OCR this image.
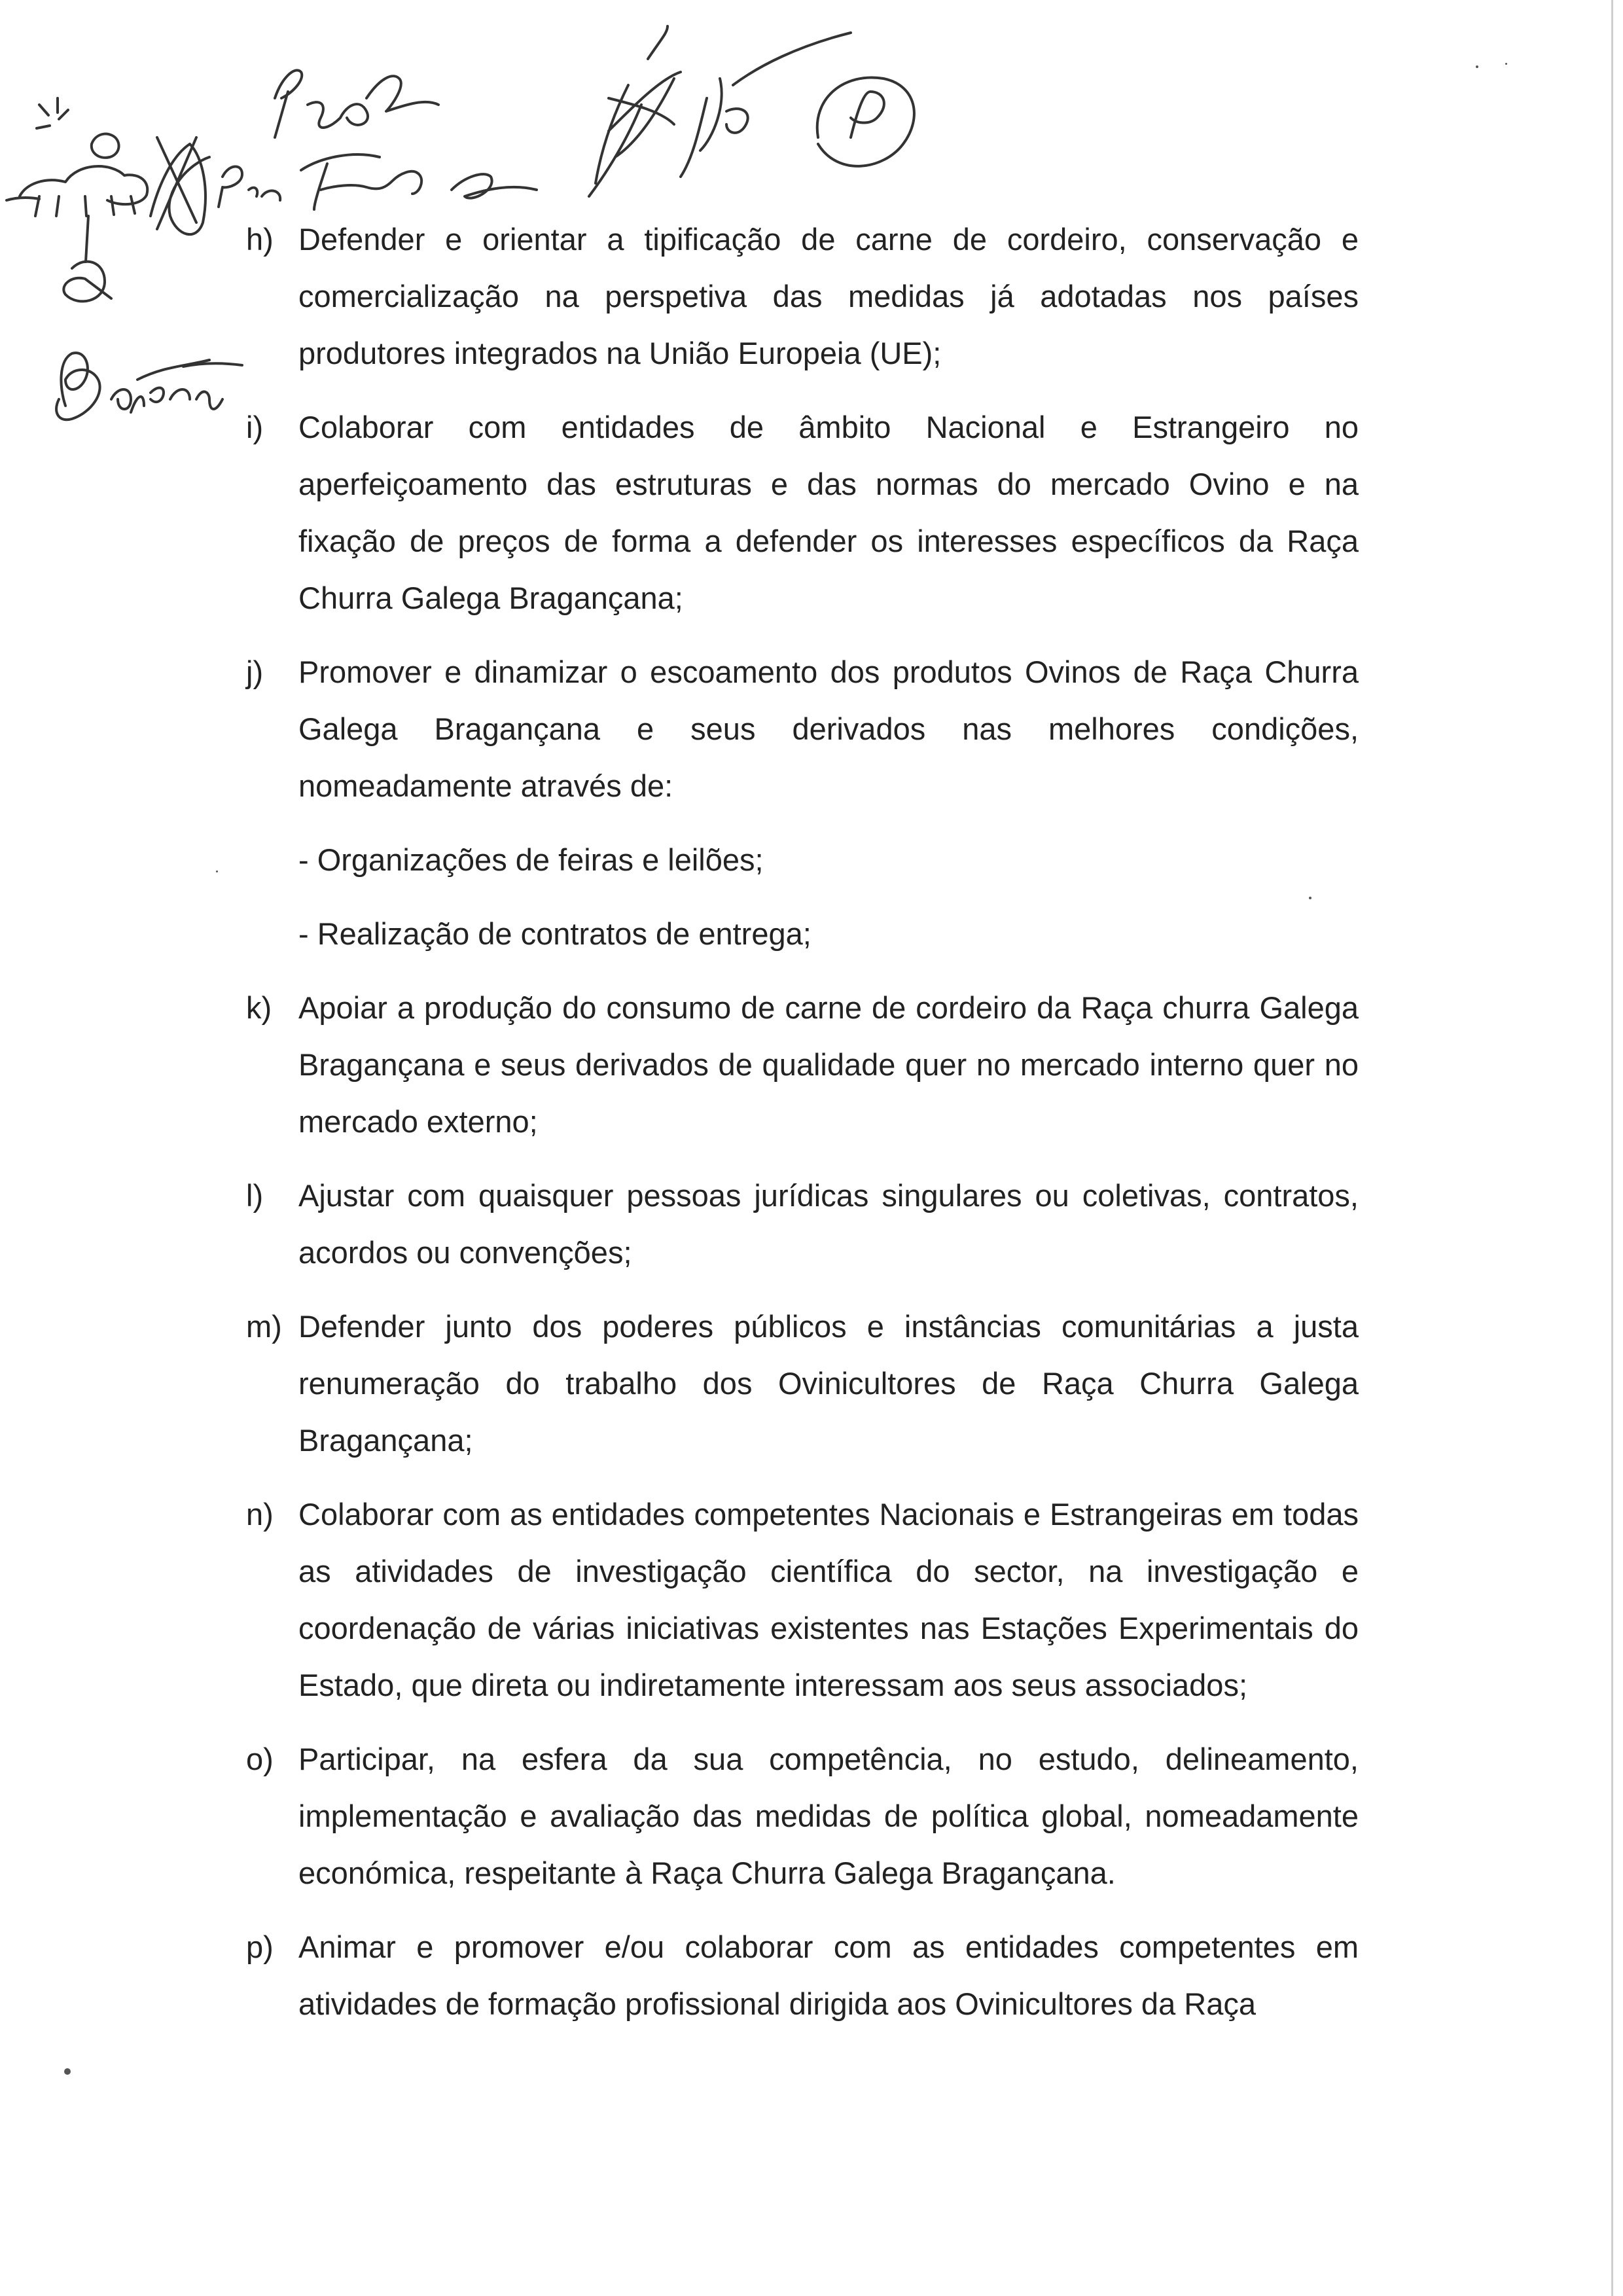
h) Defender e orientar a tipificação de carne de cordeiro, conservação e comercialização na perspetiva das medidas já adotadas nos países produtores integrados na União Europeia (UE);
i) Colaborar com entidades de âmbito Nacional e Estrangeiro no aperfeiçoamento das estruturas e das normas do mercado Ovino e na fixação de preços de forma a defender os interesses específicos da Raça Churra Galega Bragançana;
j) Promover e dinamizar o escoamento dos produtos Ovinos de Raça Churra Galega Bragançana e seus derivados nas melhores condições, nomeadamente através de:
- Organizações de feiras e leilões;
- Realização de contratos de entrega;
k) Apoiar a produção do consumo de carne de cordeiro da Raça churra Galega Bragançana e seus derivados de qualidade quer no mercado interno quer no mercado externo;
l) Ajustar com quaisquer pessoas jurídicas singulares ou coletivas, contratos, acordos ou convenções;
m) Defender junto dos poderes públicos e instâncias comunitárias a justa renumeração do trabalho dos Ovinicultores de Raça Churra Galega Bragançana;
n) Colaborar com as entidades competentes Nacionais e Estrangeiras em todas as atividades de investigação científica do sector, na investigação e coordenação de várias iniciativas existentes nas Estações Experimentais do Estado, que direta ou indiretamente interessam aos seus associados;
o) Participar, na esfera da sua competência, no estudo, delineamento, implementação e avaliação das medidas de política global, nomeadamente económica, respeitante à Raça Churra Galega Bragançana.
p) Animar e promover e/ou colaborar com as entidades competentes em atividades de formação profissional dirigida aos Ovinicultores da Raça
